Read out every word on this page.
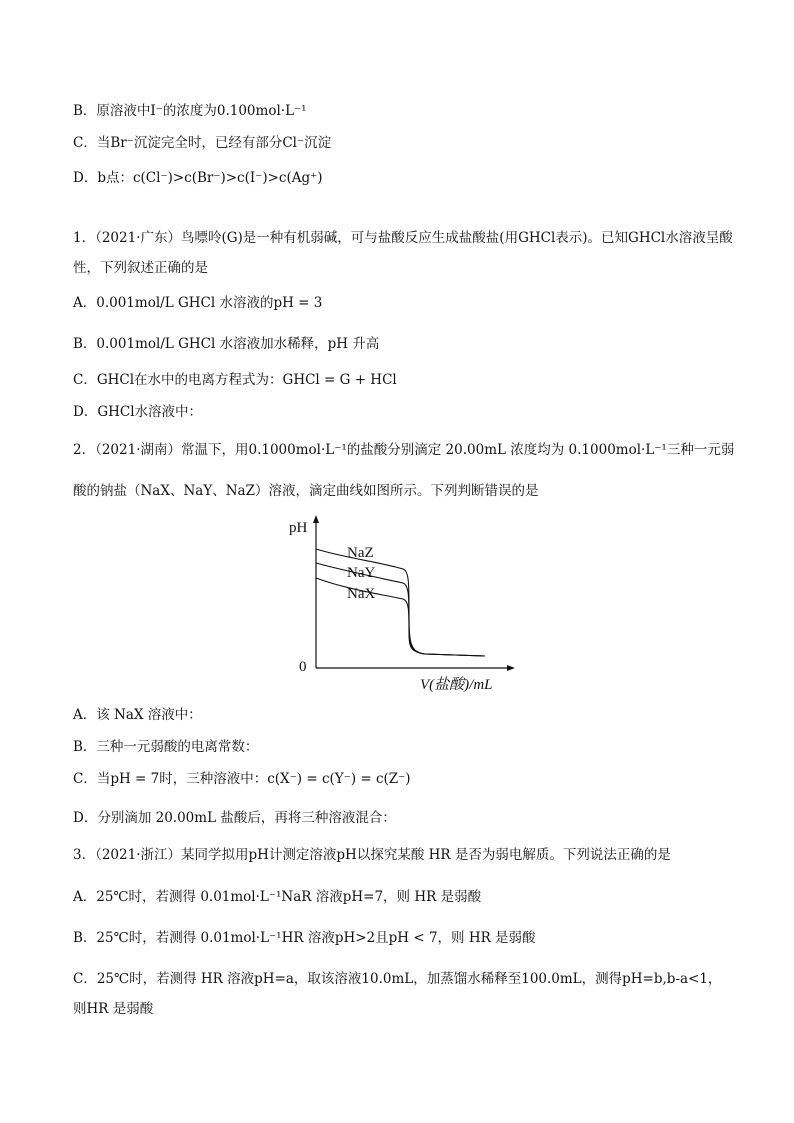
B．原溶液中I⁻的浓度为0.100mol·L⁻¹
C．当Br⁻沉淀完全时，已经有部分Cl⁻沉淀
D．b点：c(Cl⁻)>c(Br⁻)>c(I⁻)>c(Ag⁺)
1．（2021·广东）鸟嘌呤(G)是一种有机弱碱，可与盐酸反应生成盐酸盐(用GHCl表示)。已知GHCl水溶液呈酸性，下列叙述正确的是
A．0.001mol/L GHCl 水溶液的pH = 3
B．0.001mol/L GHCl 水溶液加水稀释，pH 升高
C．GHCl在水中的电离方程式为：GHCl = G + HCl
D．GHCl水溶液中：
2．（2021·湖南）常温下，用0.1000mol·L⁻¹的盐酸分别滴定 20.00mL 浓度均为 0.1000mol·L⁻¹三种一元弱
酸的钠盐（NaX、NaY、NaZ）溶液，滴定曲线如图所示。下列判断错误的是
pH
0
V(盐酸)/mL
NaZ
NaY
NaX
A．该 NaX 溶液中：
B．三种一元弱酸的电离常数：
C．当pH = 7时，三种溶液中：c(X⁻) = c(Y⁻) = c(Z⁻)
D．分别滴加 20.00mL 盐酸后，再将三种溶液混合：
3．（2021·浙江）某同学拟用pH计测定溶液pH以探究某酸 HR 是否为弱电解质。下列说法正确的是
A．25℃时，若测得 0.01mol·L⁻¹NaR 溶液pH=7，则 HR 是弱酸
B．25℃时，若测得 0.01mol·L⁻¹HR 溶液pH>2且pH < 7，则 HR 是弱酸
C．25℃时，若测得 HR 溶液pH=a，取该溶液10.0mL，加蒸馏水稀释至100.0mL，测得pH=b,b-a<1，则HR 是弱酸
